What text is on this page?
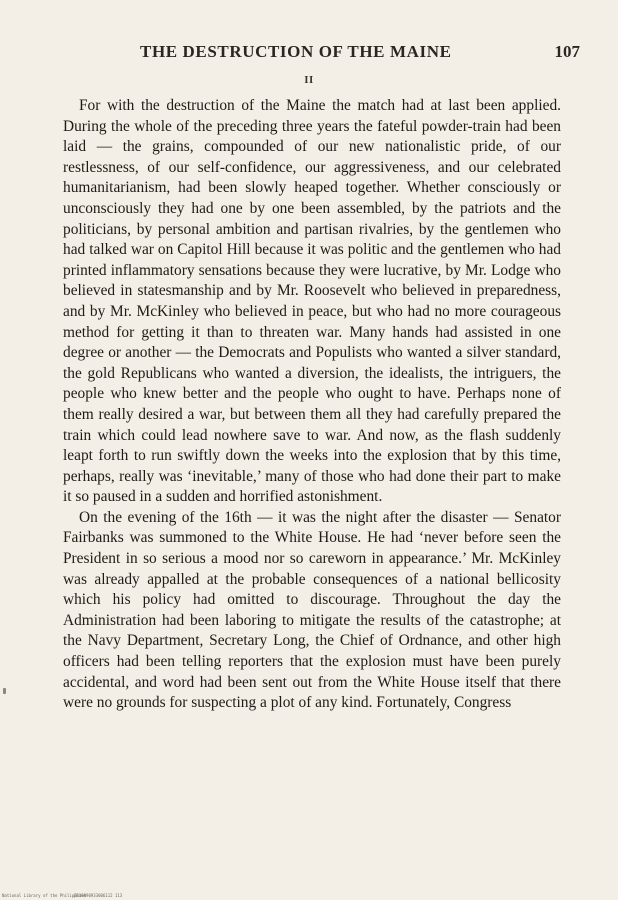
THE DESTRUCTION OF THE MAINE	107
II

For with the destruction of the Maine the match had at last been applied. During the whole of the preceding three years the fateful powder-train had been laid — the grains, compounded of our new nationalistic pride, of our restlessness, of our self-confidence, our aggressiveness, and our celebrated humanitarianism, had been slowly heaped together. Whether consciously or unconsciously they had one by one been assembled, by the patriots and the politicians, by personal ambition and partisan rivalries, by the gentlemen who had talked war on Capitol Hill because it was politic and the gentlemen who had printed inflammatory sensations because they were lucrative, by Mr. Lodge who believed in statesmanship and by Mr. Roosevelt who believed in preparedness, and by Mr. McKinley who believed in peace, but who had no more courageous method for getting it than to threaten war. Many hands had assisted in one degree or another — the Democrats and Populists who wanted a silver standard, the gold Republicans who wanted a diversion, the idealists, the intriguers, the people who knew better and the people who ought to have. Perhaps none of them really desired a war, but between them all they had carefully prepared the train which could lead nowhere save to war. And now, as the flash suddenly leapt forth to run swiftly down the weeks into the explosion that by this time, perhaps, really was ‘inevitable,’ many of those who had done their part to make it so paused in a sudden and horrified astonishment.

On the evening of the 16th — it was the night after the disaster — Senator Fairbanks was summoned to the White House. He had ‘never before seen the President in so serious a mood nor so careworn in appearance.’ Mr. McKinley was already appalled at the probable consequences of a national bellicosity which his policy had omitted to discourage. Throughout the day the Administration had been laboring to mitigate the results of the catastrophe; at the Navy Department, Secretary Long, the Chief of Ordnance, and other high officers had been telling reporters that the explosion must have been purely accidental, and word had been sent out from the White House itself that there were no grounds for suspecting a plot of any kind. Fortunately, Congress

National Library of the Philippines
ER19890933006112 113
